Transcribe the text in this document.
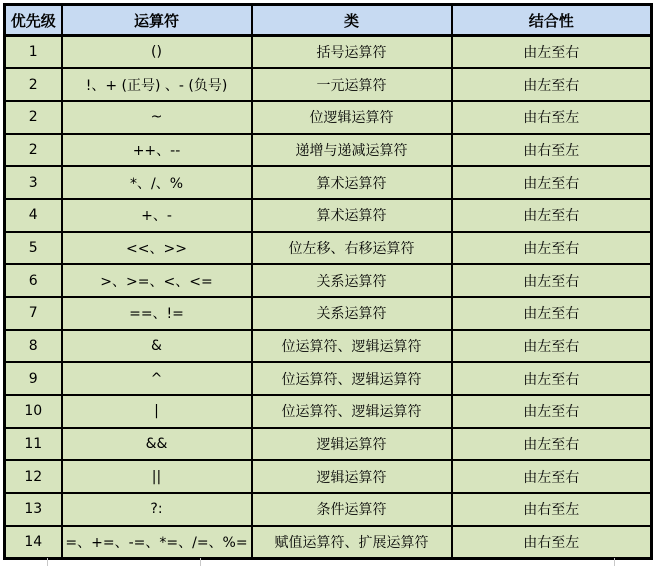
优先级	运算符	类	结合性
1	()	括号运算符	由左至右
2	!、+ (正号) 、- (负号)	一元运算符	由左至右
2	~	位逻辑运算符	由右至左
2	++、--	递增与递减运算符	由右至左
3	*、/、%	算术运算符	由左至右
4	+、-	算术运算符	由左至右
5	<<、>>	位左移、右移运算符	由左至右
6	>、>=、<、<=	关系运算符	由左至右
7	==、!=	关系运算符	由左至右
8	&	位运算符、逻辑运算符	由左至右
9	^	位运算符、逻辑运算符	由左至右
10	|	位运算符、逻辑运算符	由左至右
11	&&	逻辑运算符	由左至右
12	||	逻辑运算符	由左至右
13	?:	条件运算符	由右至左
14	=、+=、-=、*=、/=、%=	赋值运算符、扩展运算符	由右至左
